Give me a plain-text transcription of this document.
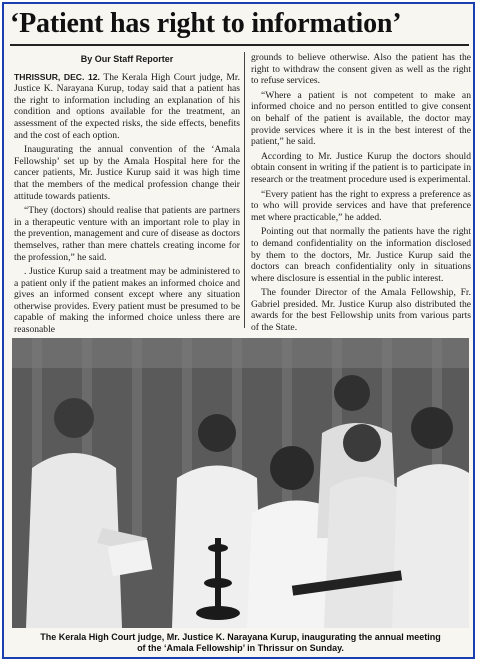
‘Patient has right to information’
By Our Staff Reporter

THRISSUR, DEC. 12. The Kerala High Court judge, Mr. Justice K. Narayana Kurup, today said that a patient has the right to information including an explanation of his condition and options available for the treatment, an assessment of the expected risks, the side effects, benefits and the cost of each option.

Inaugurating the annual convention of the ‘Amala Fellowship’ set up by the Amala Hospital here for the cancer patients, Mr. Justice Kurup said it was high time that the members of the medical profession change their attitude towards patients.

“They (doctors) should realise that patients are partners in a therapeutic venture with an important role to play in the prevention, management and cure of disease as doctors themselves, rather than mere chattels creating income for the profession,” he said.

. Justice Kurup said a treatment may be administered to a patient only if the patient makes an informed choice and gives an informed consent except where any situation otherwise provides. Every patient must be presumed to be capable of making the informed choice unless there are reasonable

grounds to believe otherwise. Also the patient has the right to withdraw the consent given as well as the right to refuse services.

“Where a patient is not competent to make an informed choice and no person entitled to give consent on behalf of the patient is available, the doctor may provide services where it is in the best interest of the patient,” he said.

According to Mr. Justice Kurup the doctors should obtain consent in writing if the patient is to participate in research or the treatment procedure used is experimental.

“Every patient has the right to express a preference as to who will provide services and have that preference met where practicable,” he added.

Pointing out that normally the patients have the right to demand confidentiality on the information disclosed by them to the doctors, Mr. Justice Kurup said the doctors can breach confidentiality only in situations where disclosure is essential in the public interest.

The founder Director of the Amala Fellowship, Fr. Gabriel presided. Mr. Justice Kurup also distributed the awards for the best Fellowship units from various parts of the State.

The Kerala High Court judge, Mr. Justice K. Narayana Kurup, inaugurating the annual meeting
of the ‘Amala Fellowship’ in Thrissur on Sunday.
